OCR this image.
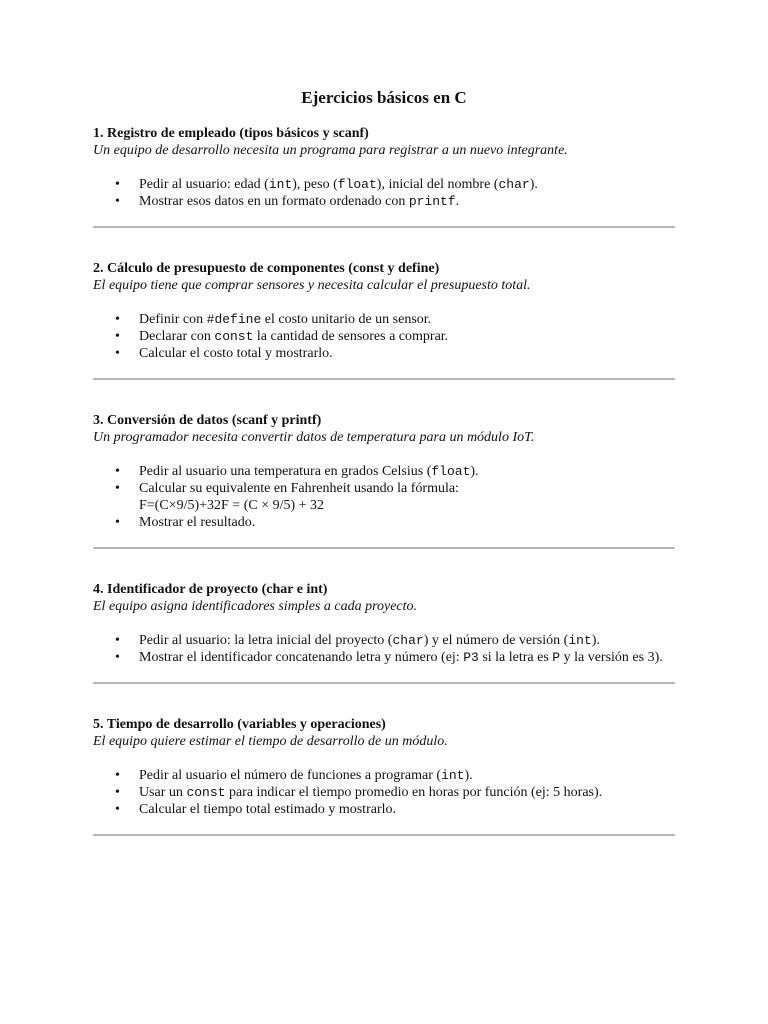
Ejercicios básicos en C

1. Registro de empleado (tipos básicos y scanf)

Un equipo de desarrollo necesita un programa para registrar a un nuevo integrante.

• Pedir al usuario: edad (int), peso (float), inicial del nombre (char).
• Mostrar esos datos en un formato ordenado con printf.

2. Cálculo de presupuesto de componentes (const y define)

El equipo tiene que comprar sensores y necesita calcular el presupuesto total.

• Definir con #define el costo unitario de un sensor.
• Declarar con const la cantidad de sensores a comprar.
• Calcular el costo total y mostrarlo.

3. Conversión de datos (scanf y printf)

Un programador necesita convertir datos de temperatura para un módulo IoT.

• Pedir al usuario una temperatura en grados Celsius (float).
• Calcular su equivalente en Fahrenheit usando la fórmula:
F=(C×9/5)+32F = (C × 9/5) + 32
• Mostrar el resultado.

4. Identificador de proyecto (char e int)

El equipo asigna identificadores simples a cada proyecto.

• Pedir al usuario: la letra inicial del proyecto (char) y el número de versión (int).
• Mostrar el identificador concatenando letra y número (ej: P3 si la letra es P y la versión es 3).

5. Tiempo de desarrollo (variables y operaciones)

El equipo quiere estimar el tiempo de desarrollo de un módulo.

• Pedir al usuario el número de funciones a programar (int).
• Usar un const para indicar el tiempo promedio en horas por función (ej: 5 horas).
• Calcular el tiempo total estimado y mostrarlo.
